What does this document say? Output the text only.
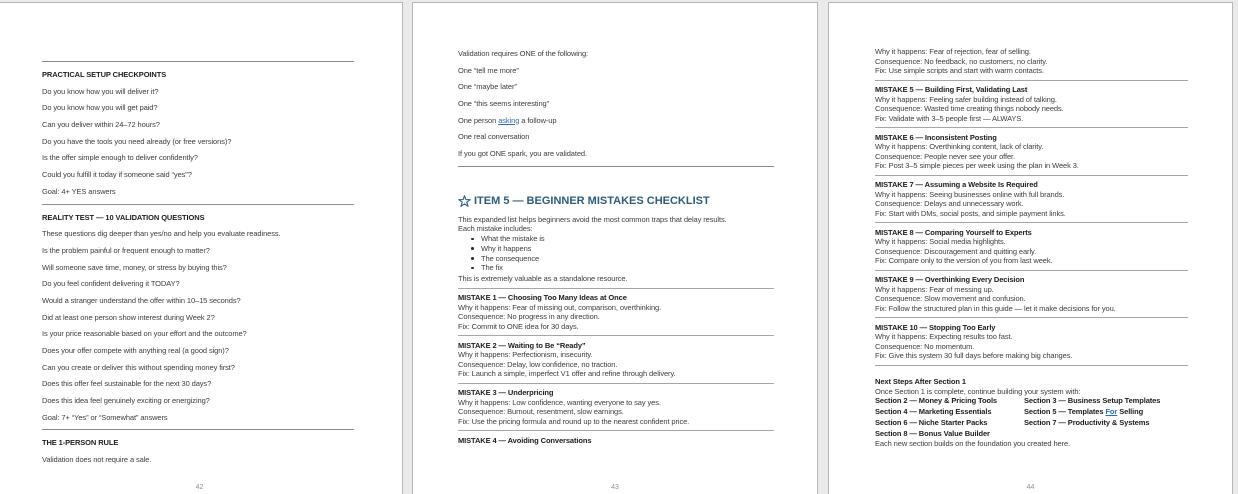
PRACTICAL SETUP CHECKPOINTS
Do you know how you will deliver it?
Do you know how you will get paid?
Can you deliver within 24–72 hours?
Do you have the tools you need already (or free versions)?
Is the offer simple enough to deliver confidently?
Could you fulfill it today if someone said “yes”?
Goal: 4+ YES answers
REALITY TEST — 10 VALIDATION QUESTIONS
These questions dig deeper than yes/no and help you evaluate readiness.
Is the problem painful or frequent enough to matter?
Will someone save time, money, or stress by buying this?
Do you feel confident delivering it TODAY?
Would a stranger understand the offer within 10–15 seconds?
Did at least one person show interest during Week 2?
Is your price reasonable based on your effort and the outcome?
Does your offer compete with anything real (a good sign)?
Can you create or deliver this without spending money first?
Does this offer feel sustainable for the next 30 days?
Does this idea feel genuinely exciting or energizing?
Goal: 7+ “Yes” or “Somewhat” answers
THE 1-PERSON RULE
Validation does not require a sale.
42
Validation requires ONE of the following:
One “tell me more”
One “maybe later”
One “this seems interesting”
One person asking a follow-up
One real conversation
If you got ONE spark, you are validated.
ITEM 5 — BEGINNER MISTAKES CHECKLIST
This expanded list helps beginners avoid the most common traps that delay results.
Each mistake includes:
What the mistake is
Why it happens
The consequence
The fix
This is extremely valuable as a standalone resource.
MISTAKE 1 — Choosing Too Many Ideas at Once
Why it happens: Fear of missing out, comparison, overthinking.
Consequence: No progress in any direction.
Fix: Commit to ONE idea for 30 days.
MISTAKE 2 — Waiting to Be “Ready”
Why it happens: Perfectionism, insecurity.
Consequence: Delay, low confidence, no traction.
Fix: Launch a simple, imperfect V1 offer and refine through delivery.
MISTAKE 3 — Underpricing
Why it happens: Low confidence, wanting everyone to say yes.
Consequence: Burnout, resentment, slow earnings.
Fix: Use the pricing formula and round up to the nearest confident price.
MISTAKE 4 — Avoiding Conversations
43
Why it happens: Fear of rejection, fear of selling.
Consequence: No feedback, no customers, no clarity.
Fix: Use simple scripts and start with warm contacts.
MISTAKE 5 — Building First, Validating Last
Why it happens: Feeling safer building instead of talking.
Consequence: Wasted time creating things nobody needs.
Fix: Validate with 3–5 people first — ALWAYS.
MISTAKE 6 — Inconsistent Posting
Why it happens: Overthinking content, lack of clarity.
Consequence: People never see your offer.
Fix: Post 3–5 simple pieces per week using the plan in Week 3.
MISTAKE 7 — Assuming a Website Is Required
Why it happens: Seeing businesses online with full brands.
Consequence: Delays and unnecessary work.
Fix: Start with DMs, social posts, and simple payment links.
MISTAKE 8 — Comparing Yourself to Experts
Why it happens: Social media highlights.
Consequence: Discouragement and quitting early.
Fix: Compare only to the version of you from last week.
MISTAKE 9 — Overthinking Every Decision
Why it happens: Fear of messing up.
Consequence: Slow movement and confusion.
Fix: Follow the structured plan in this guide — let it make decisions for you.
MISTAKE 10 — Stopping Too Early
Why it happens: Expecting results too fast.
Consequence: No momentum.
Fix: Give this system 30 full days before making big changes.
Next Steps After Section 1
Once Section 1 is complete, continue building your system with:
Section 2 — Money & Pricing Tools	Section 3 — Business Setup Templates
Section 4 — Marketing Essentials	Section 5 — Templates For Selling
Section 6 — Niche Starter Packs	Section 7 — Productivity & Systems
Section 8 — Bonus Value Builder
Each new section builds on the foundation you created here.
44
